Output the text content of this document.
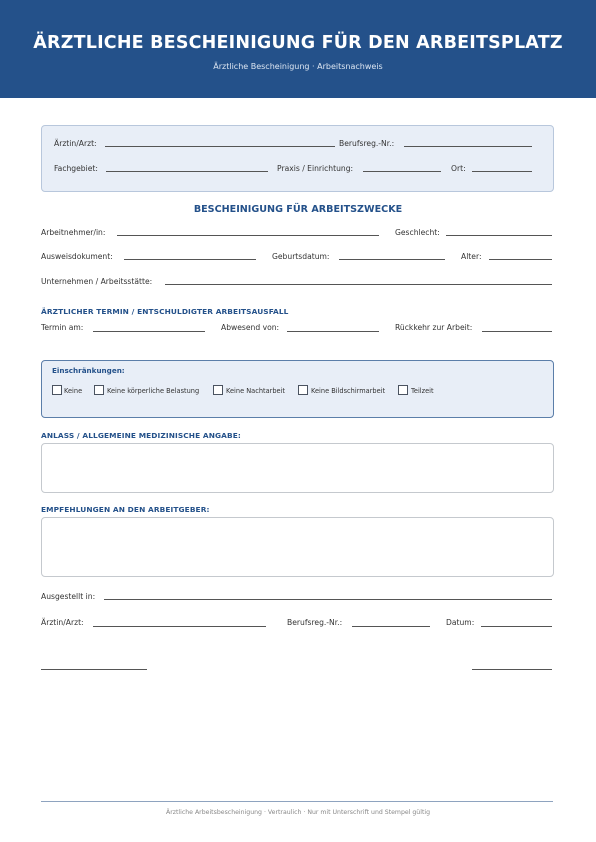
ÄRZTLICHE BESCHEINIGUNG FÜR DEN ARBEITSPLATZ
Ärztliche Bescheinigung · Arbeitsnachweis
Ärztin/Arzt:	Berufsreg.-Nr.:
Fachgebiet:	Praxis / Einrichtung:	Ort:
BESCHEINIGUNG FÜR ARBEITSZWECKE
Arbeitnehmer/in:	Geschlecht:
Ausweisdokument:	Geburtsdatum:	Alter:
Unternehmen / Arbeitsstätte:
ÄRZTLICHER TERMIN / ENTSCHULDIGTER ARBEITSAUSFALL
Termin am:	Abwesend von:	Rückkehr zur Arbeit:
Einschränkungen:
Keine	Keine körperliche Belastung	Keine Nachtarbeit	Keine Bildschirmarbeit	Teilzeit
ANLASS / ALLGEMEINE MEDIZINISCHE ANGABE:
EMPFEHLUNGEN AN DEN ARBEITGEBER:
Ausgestellt in:
Ärztin/Arzt:	Berufsreg.-Nr.:	Datum:
Ärztliche Arbeitsbescheinigung · Vertraulich · Nur mit Unterschrift und Stempel gültig
